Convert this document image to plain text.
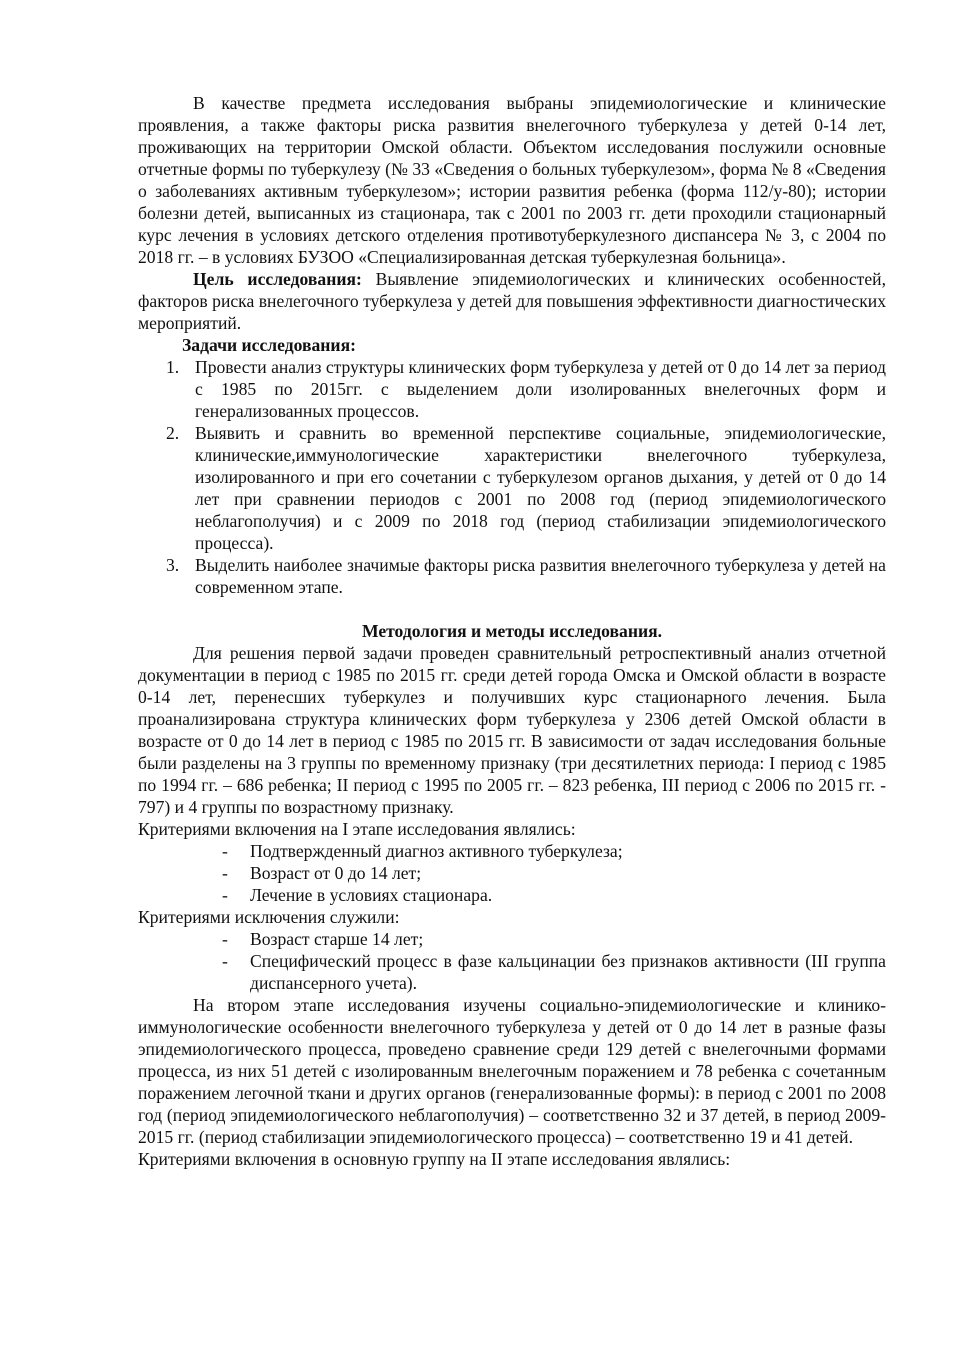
В качестве предмета исследования выбраны эпидемиологические и клинические проявления, а также факторы риска развития внелегочного туберкулеза у детей 0-14 лет, проживающих на территории Омской области. Объектом исследования послужили основные отчетные формы по туберкулезу (№ 33 «Сведения о больных туберкулезом», форма № 8 «Сведения о заболеваниях активным туберкулезом»; истории развития ребенка (форма 112/у-80); истории болезни детей, выписанных из стационара, так с 2001 по 2003 гг. дети проходили стационарный курс лечения в условиях детского отделения противотуберкулезного диспансера № 3, с 2004 по 2018 гг. – в условиях БУЗОО «Специализированная детская туберкулезная больница».

Цель исследования: Выявление эпидемиологических и клинических особенностей, факторов риска внелегочного туберкулеза у детей для повышения эффективности диагностических мероприятий.

Задачи исследования:

1. Провести анализ структуры клинических форм туберкулеза у детей от 0 до 14 лет за период с 1985 по 2015гг. с выделением доли изолированных внелегочных форм и генерализованных процессов.
2. Выявить и сравнить во временной перспективе социальные, эпидемиологические, клинические,иммунологические характеристики внелегочного туберкулеза, изолированного и при его сочетании с туберкулезом органов дыхания, у детей от 0 до 14 лет при сравнении периодов с 2001 по 2008 год (период эпидемиологического неблагополучия) и с 2009 по 2018 год (период стабилизации эпидемиологического процесса).
3. Выделить наиболее значимые факторы риска развития внелегочного туберкулеза у детей на современном этапе.

Методология и методы исследования.

Для решения первой задачи проведен сравнительный ретроспективный анализ отчетной документации в период с 1985 по 2015 гг. среди детей города Омска и Омской области в возрасте 0-14 лет, перенесших туберкулез и получивших курс стационарного лечения. Была проанализирована структура клинических форм туберкулеза у 2306 детей Омской области в возрасте от 0 до 14 лет в период с 1985 по 2015 гг. В зависимости от задач исследования больные были разделены на 3 группы по временному признаку (три десятилетних периода: I период с 1985 по 1994 гг. – 686 ребенка; II период с 1995 по 2005 гг. – 823 ребенка, III период с 2006 по 2015 гг. - 797) и 4 группы по возрастному признаку.

Критериями включения на I этапе исследования являлись:

- Подтвержденный диагноз активного туберкулеза;
- Возраст от 0 до 14 лет;
- Лечение в условиях стационара.

Критериями исключения служили:

- Возраст старше 14 лет;
- Специфический процесс в фазе кальцинации без признаков активности (III группа диспансерного учета).

На втором этапе исследования изучены социально-эпидемиологические и клинико-иммунологические особенности внелегочного туберкулеза у детей от 0 до 14 лет в разные фазы эпидемиологического процесса, проведено сравнение среди 129 детей с внелегочными формами процесса, из них 51 детей с изолированным внелегочным поражением и 78 ребенка с сочетанным поражением легочной ткани и других органов (генерализованные формы): в период с 2001 по 2008 год (период эпидемиологического неблагополучия) – соответственно 32 и 37 детей, в период 2009-2015 гг. (период стабилизации эпидемиологического процесса) – соответственно 19 и 41 детей.

Критериями включения в основную группу на II этапе исследования являлись:
